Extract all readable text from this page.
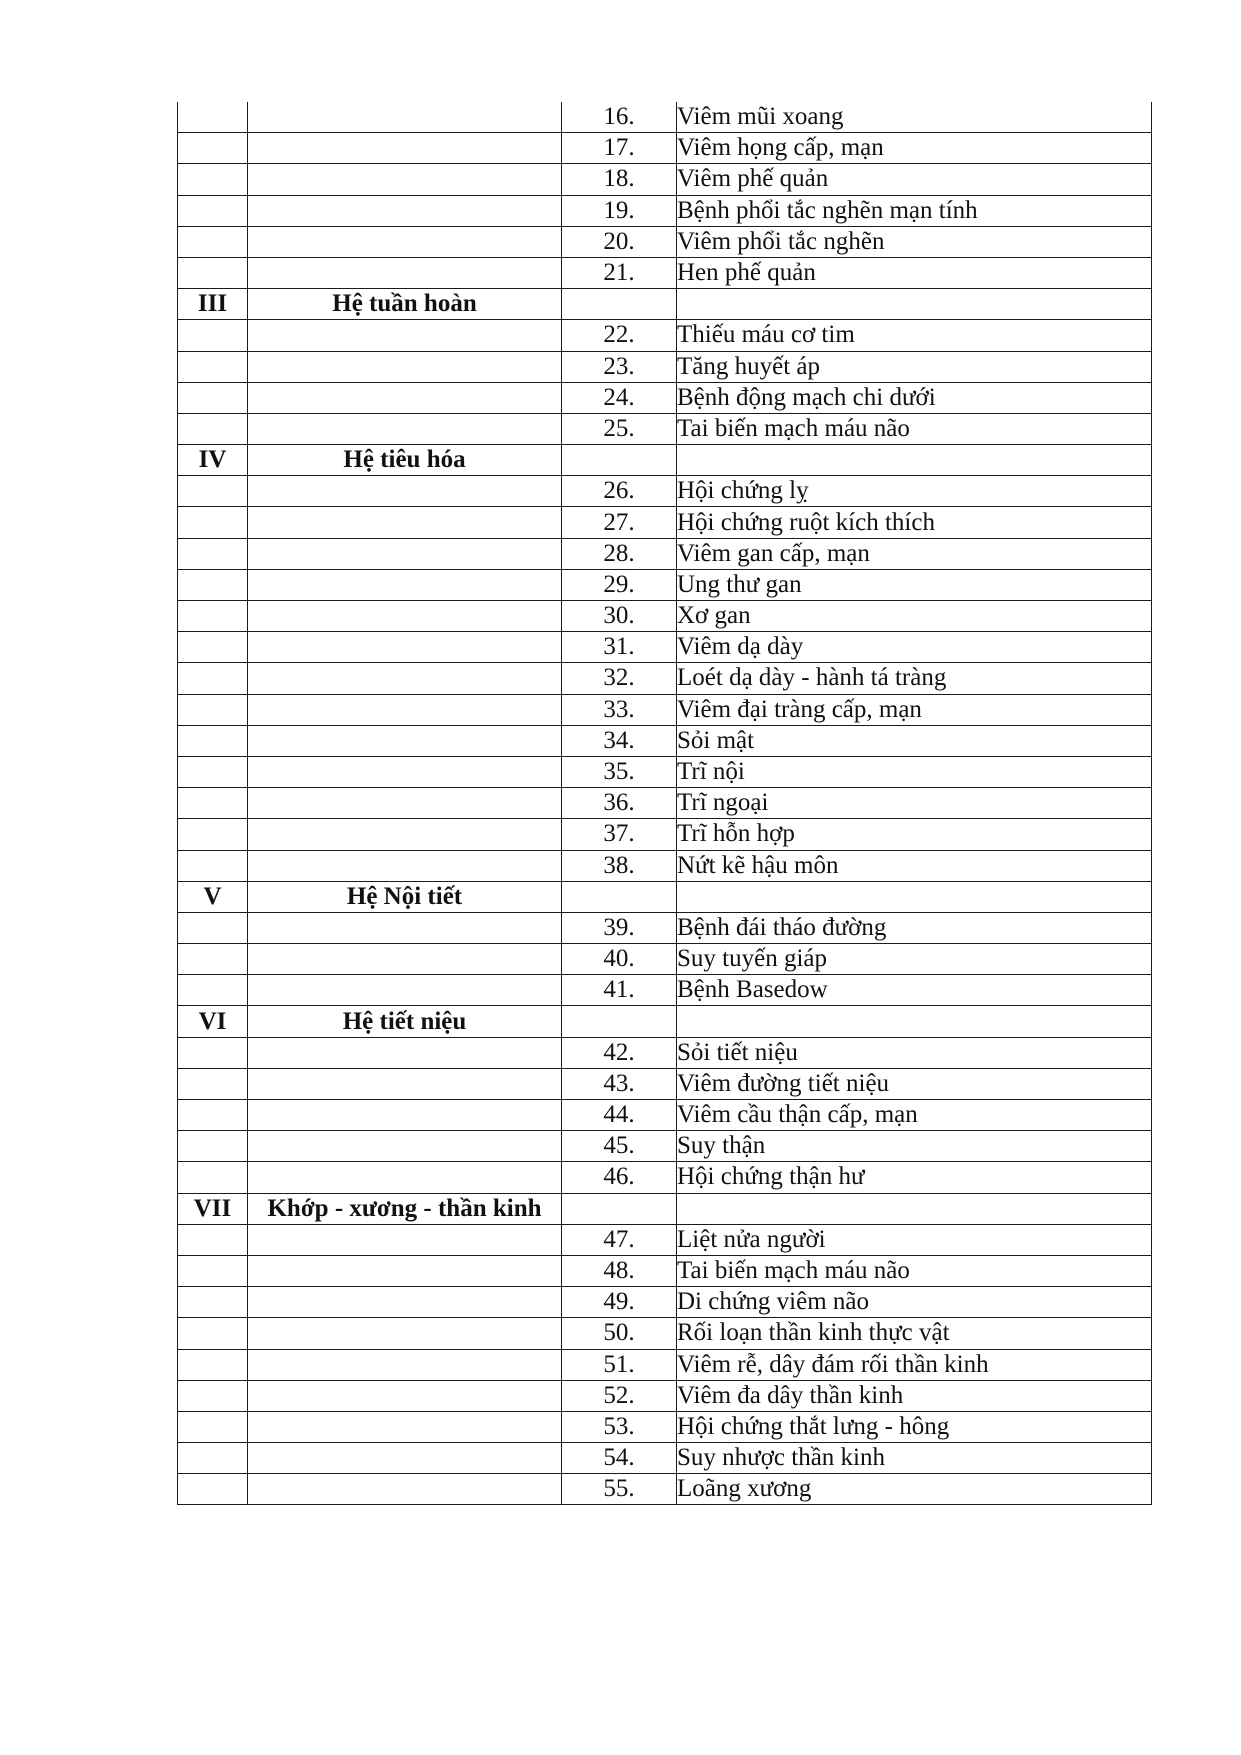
		16.	Viêm mũi xoang
		17.	Viêm họng cấp, mạn
		18.	Viêm phế quản
		19.	Bệnh phổi tắc nghẽn mạn tính
		20.	Viêm phổi tắc nghẽn
		21.	Hen phế quản
III	Hệ tuần hoàn		
		22.	Thiếu máu cơ tim
		23.	Tăng huyết áp
		24.	Bệnh động mạch chi dưới
		25.	Tai biến mạch máu não
IV	Hệ tiêu hóa		
		26.	Hội chứng lỵ
		27.	Hội chứng ruột kích thích
		28.	Viêm gan cấp, mạn
		29.	Ung thư gan
		30.	Xơ gan
		31.	Viêm dạ dày
		32.	Loét dạ dày - hành tá tràng
		33.	Viêm đại tràng cấp, mạn
		34.	Sỏi mật
		35.	Trĩ nội
		36.	Trĩ ngoại
		37.	Trĩ hỗn hợp
		38.	Nứt kẽ hậu môn
V	Hệ Nội tiết		
		39.	Bệnh đái tháo đường
		40.	Suy tuyến giáp
		41.	Bệnh Basedow
VI	Hệ tiết niệu		
		42.	Sỏi tiết niệu
		43.	Viêm đường tiết niệu
		44.	Viêm cầu thận cấp, mạn
		45.	Suy thận
		46.	Hội chứng thận hư
VII	Khớp - xương - thần kinh		
		47.	Liệt nửa người
		48.	Tai biến mạch máu não
		49.	Di chứng viêm não
		50.	Rối loạn thần kinh thực vật
		51.	Viêm rễ, dây đám rối thần kinh
		52.	Viêm đa dây thần kinh
		53.	Hội chứng thắt lưng - hông
		54.	Suy nhược thần kinh
		55.	Loãng xương
